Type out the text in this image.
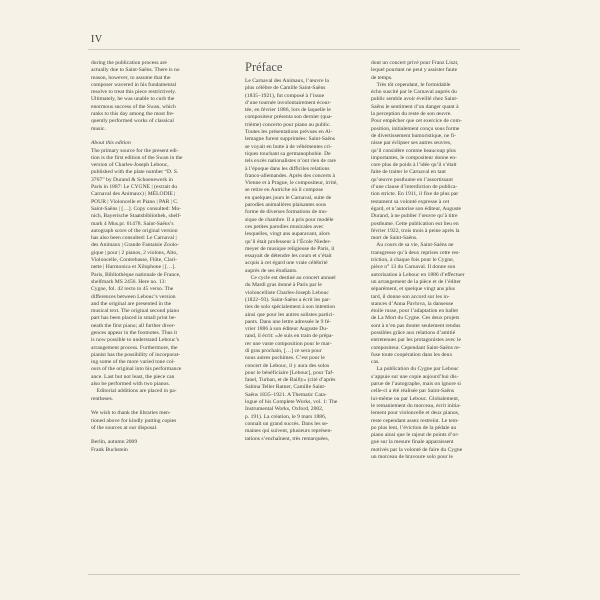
IV

during the publication process are

actually due to Saint-Saëns. There is no

reason, however, to assume that the

composer wavered in his fundamental

resolve to treat this piece restrictively.

Ultimately, he was unable to curb the

enormous success of the Swan, which

ranks to this day among the most fre-

quently performed works of classical

music.

About this edition

The primary source for the present edi-

tion is the first edition of the Swan in the

version of Charles-Joseph Lebouc,

published with the plate number “D. S.

3767” by Durand & Schoenewerk in

Paris in 1887: Le CYGNE | (extrait du

Carnaval des Animaux) | MÉLODIE |

POUR | Violoncelle et Piano | PAR | C.

Saint-Saëns | […]. Copy consulted: Mu-

nich, Bayerische Staatsbibliothek, shelf-

mark 4 Mus.pr. 61478. Saint-Saëns’s

autograph score of the original version

has also been consulted: Le Carnaval |

des Animaux | Grande Fantaisie Zoolo-

gique | pour | 2 pianos, 2 violons, Alto,

Violoncelle, Contrebasse, Flûte, Clari-

nette | Harmonica et Xilophone | […].

Paris, Bibliothèque nationale de France,

shelfmark MS 2456. Here no. 13:

Cygne, fol. 42 recto to 45 verso. The

differences between Lebouc’s version

and the original are presented in the

musical text. The original second piano

part has been placed in small print be-

neath the first piano; all further diver-

gences appear in the footnotes. Thus it

is now possible to understand Lebouc’s

arrangement process. Furthermore, the

pianist has the possibility of incorporat-

ing some of the more varied tone col-

ours of the original into his performance

ance. Last but not least, the piece can

also be performed with two pianos.

Editorial additions are placed in pa-

rentheses.

We wish to thank the libraries men-

tioned above for kindly putting copies

of the sources at our disposal.

Berlin, autumn 2009

Frank Buchstein

Préface

Le Carnaval des Animaux, l’œuvre la

plus célèbre de Camille Saint-Saëns

(1835–1921), fut composé à l’issue

d’une tournée involontairement écour-

tée, en février 1886, lors de laquelle le

compositeur présenta son dernier (qua-

trième) concerto pour piano au public.

Toutes les présentations prévues en Al-

lemagne furent supprimées: Saint-Saëns

se voyait en butte à de véhémentes cri-

tiques touchant sa germanophobie. De

tels excès nationalistes n’ont rien de rare

à l’époque dans les difficiles relations

franco-allemandes. Après des concerts à

Vienne et à Prague, le compositeur, irrité,

se retire en Autriche où il compose

en quelques jours le Carnaval, suite de

parodies animalières plaisantes sous

forme de diverses formations de mu-

sique de chambre. Il a pris pour modèle

ces petites parodies musicales avec

lesquelles, vingt ans auparavant, alors

qu’il était professeur à l’École Nieder-

meyer de musique religieuse de Paris, il

essayait de détendre les cours et s’était

acquis à cet égard une vraie célébrité

auprès de ses étudiants.

Ce cycle est destiné au concert annuel

du Mardi gras donné à Paris par le

violoncelliste Charles-Joseph Lebouc

(1822–93). Saint-Saëns a écrit les par-

ties de solo spécialement à son intention

ainsi que pour les autres solistes partici-

pants. Dans une lettre adressée le 9 fé-

vrier 1886 à son éditeur Auguste Du-

rand, il écrit: «Je suis en train de prépa-

rer une vaste composition pour le mar-

di gras prochain, […] ce sera pour

nous autres pochimes. C’est pour le

concert de Lebouc, il y aura des solos

pour le bénéficiaire [Lebouc], pour Taf-

fanel, Turban, et de Bailly» (cité d’après

Sabina Teller Ratner, Camille Saint-

Saëns 1835–1921. A Thematic Cata-

logue of his Complete Works, vol. 1: The

Instrumental Works, Oxford, 2002,

p. 191). La création, le 9 mars 1886,

connaît un grand succès. Dans les se-

maines qui suivent, plusieurs représen-

tations s’enchaînent, très remarquées,

dont un concert privé pour Franz Liszt,

lequel pourtant ne peut y assister faute

de temps.

Très tôt cependant, le formidable

écho suscité par le Carnaval auprès du

public semble avoir éveillé chez Saint-

Saëns le sentiment d’un danger quant à

la perception du reste de son œuvre.

Pour empêcher que cet exercice de com-

position, initialement conçu sous forme

de divertissement humoristique, ne fi-

nisse par éclipser ses autres œuvres,

qu’il considère comme beaucoup plus

importantes, le compositeur donne en-

core plus de poids à l’idée qu’il s’était

faite de traiter le Carnaval en tant

qu’œuvre posthume en l’assortissant

d’une clause d’interdiction de publica-

tion stricte. En 1911, il fixe de plus par

testament sa volonté expresse à cet

égard, et n’autorise son éditeur, Auguste

Durand, à ne publier l’œuvre qu’à titre

posthume. Cette publication eut lieu en

février 1922, trois mois à peine après la

mort de Saint-Saëns.

Au cours de sa vie, Saint-Saëns ne

transgresse qu’à deux reprises cette res-

triction, à chaque fois pour le Cygne,

pièce n° 13 du Carnaval. Il donne son

autorisation à Lebouc en 1886 d’effectuer

un arrangement de la pièce et de l’éditer

séparément, et quelque vingt ans plus

tard, il donne son accord sur les in-

stances d’Anna Pavlova, la danseuse

étoile russe, pour l’adaptation en ballet

de La Mort du Cygne. Ces deux projets

sont à n’en pas douter seulement rendus

possibles grâce aux relations d’amitié

entretenues par les protagonistes avec le

compositeur. Cependant Saint-Saëns re-

fuse toute coopération dans les deux

cas.

La publication du Cygne par Lebouc

s’appuie sur une copie aujourd’hui dis-

parue de l’autographe, mais on ignore si

celle-ci a été réalisée par Saint-Saëns

lui-même ou par Lebouc. Globalement,

le remaniement du morceau, écrit initia-

lement pour violoncelle et deux pianos,

reste cependant assez restreint. Le tem-

po plus lent, l’éviction de la pédale au

piano ainsi que le rajout de points d’or-

gue sur la mesure finale apparaissent

motivés par la volonté de faire du Cygne

un morceau de bravoure solo pour le
